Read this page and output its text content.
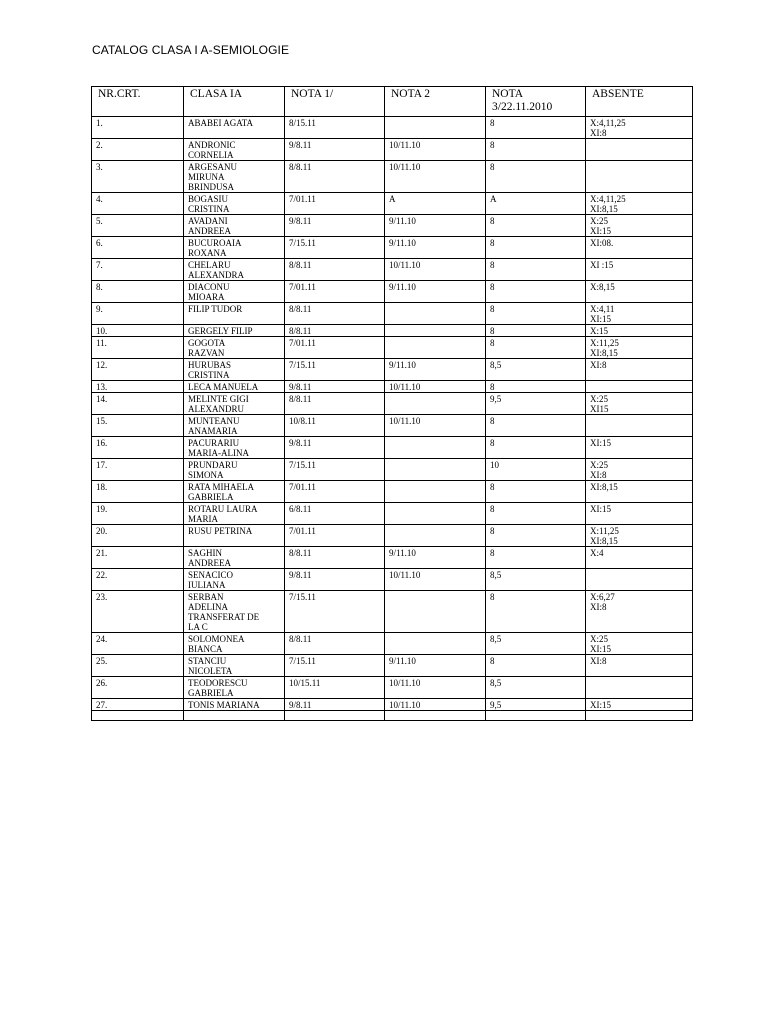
CATALOG CLASA I A-SEMIOLOGIE
NR.CRT.	CLASA IA	NOTA 1/	NOTA 2	NOTA
3/22.11.2010	ABSENTE
1.	ABABEI AGATA	8/15.11		8	X:4,11,25
XI:8
2.	ANDRONIC
CORNELIA	9/8.11	10/11.10	8	
3.	ARGESANU
MIRUNA
BRINDUSA	8/8.11	10/11.10	8	
4.	BOGASIU
CRISTINA	7/01.11	A	A	X:4,11,25
XI:8,15
5.	AVADANI
ANDREEA	9/8.11	9/11.10	8	X:25
XI:15
6.	BUCUROAIA
ROXANA	7/15.11	9/11.10	8	XI:08.
7.	CHELARU
ALEXANDRA	8/8.11	10/11.10	8	XI :15
8.	DIACONU
MIOARA	7/01.11	9/11.10	8	X:8,15
9.	FILIP TUDOR	8/8.11		8	X:4,11
XI:15
10.	GERGELY FILIP	8/8.11		8	X:15
11.	GOGOTA
RAZVAN	7/01.11		8	X:11,25
XI:8,15
12.	HURUBAS
CRISTINA	7/15.11	9/11.10	8,5	XI:8
13.	LECA MANUELA	9/8.11	10/11.10	8	
14.	MELINTE GIGI
ALEXANDRU	8/8.11		9,5	X:25
XI15
15.	MUNTEANU
ANAMARIA	10/8.11	10/11.10	8	
16.	PACURARIU
MARIA-ALINA	9/8.11		8	XI:15
17.	PRUNDARU
SIMONA	7/15.11		10	X:25
XI:8
18.	RATA MIHAELA
GABRIELA	7/01.11		8	XI:8,15
19.	ROTARU LAURA
MARIA	6/8.11		8	XI:15
20.	RUSU PETRINA	7/01.11		8	X:11,25
XI:8,15
21.	SAGHIN
ANDREEA	8/8.11	9/11.10	8	X:4
22.	SENACICO
IULIANA	9/8.11	10/11.10	8,5	
23.	SERBAN
ADELINA
TRANSFERAT DE
LA C	7/15.11		8	X:6,27
XI:8
24.	SOLOMONEA
BIANCA	8/8.11		8,5	X:25
XI:15
25.	STANCIU
NICOLETA	7/15.11	9/11.10	8	XI:8
26.	TEODORESCU
GABRIELA	10/15.11	10/11.10	8,5	
27.	TONIS MARIANA	9/8.11	10/11.10	9,5	XI:15
